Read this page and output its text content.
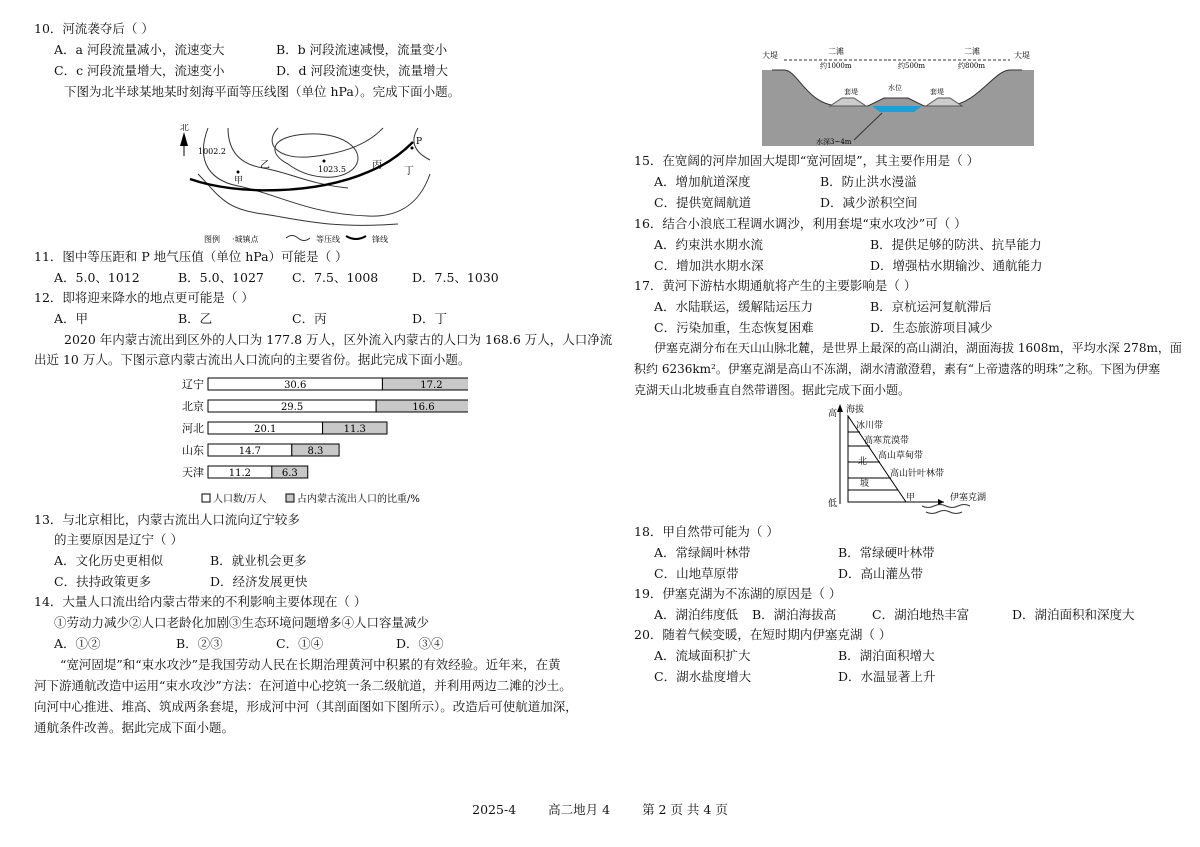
10．河流袭夺后（ ）
A．a 河段流量减小，流速变大	B．b 河段流速减慢，流量变小
C．c 河段流量增大，流速变小	D．d 河段流速变快，流量增大
下图为北半球某地某时刻海平面等压线图（单位 hPa）。完成下面小题。
北
1002.2
1023.5
甲
乙	丙
丁
P
图例 ·城镇点	等压线	锋线
11．图中等压距和 P 地气压值（单位 hPa）可能是（ ）
A．5.0、1012	B．5.0、1027 C．7.5、1008	D．7.5、1030
12．即将迎来降水的地点更可能是（ ）
A．甲	B．乙	C．丙	D．丁
2020 年内蒙古流出到区外的人口为 177.8 万人，区外流入内蒙古的人口为 168.6 万人，人口净流
出近 10 万人。下图示意内蒙古流出人口流向的主要省份。据此完成下面小题。
辽宁	30.6	17.2
北京	29.5	16.6
河北	20.1	11.3
山东	14.7	8.3
天津 11.2	6.3
人口数/万人	占内蒙古流出人口的比重/%
13．与北京相比，内蒙古流出人口流向辽宁较多
的主要原因是辽宁（ ）
A．文化历史更相似	B．就业机会更多
C．扶持政策更多	D．经济发展更快
14．大量人口流出给内蒙古带来的不利影响主要体现在（ ）
①劳动力减少②人口老龄化加剧③生态环境问题增多④人口容量减少
A．①②	B．②③	C．①④	D．③④
“宽河固堤”和“束水攻沙”是我国劳动人民在长期治理黄河中积累的有效经验。近年来，在黄
河下游通航改造中运用“束水攻沙”方法：在河道中心挖筑一条二级航道，并利用两边二滩的沙土。
向河中心推进、堆高、筑成两条套堤，形成河中河（其剖面图如下图所示）。改造后可使航道加深，
通航条件改善。据此完成下面小题。
大堤	大堤
二滩	二滩
约1000m	约500m	约800m
套堤	套堤
水位
水深3~4m
15．在宽阔的河岸加固大堤即“宽河固堤”，其主要作用是（ ）
A．增加航道深度	B．防止洪水漫溢
C．提供宽阔航道	D．减少淤积空间
16．结合小浪底工程调水调沙，利用套堤“束水攻沙”可（ ）
A．约束洪水期水流	B．提供足够的防洪、抗旱能力
C．增加洪水期水深	D．增强枯水期输沙、通航能力
17．黄河下游枯水期通航将产生的主要影响是（ ）
A．水陆联运，缓解陆运压力	B．京杭运河复航滞后
C．污染加重，生态恢复困难	D．生态旅游项目减少
伊塞克湖分布在天山山脉北麓，是世界上最深的高山湖泊，湖面海拔 1608m，平均水深 278m，面
积约 6236km²。伊塞克湖是高山不冻湖，湖水清澈澄碧，素有“上帝遗落的明珠”之称。下图为伊塞
克湖天山北坡垂直自然带谱图。据此完成下面小题。
高
低
海拔
冰川带
高寒荒漠带
高山草甸带
高山针叶林带
北
坡
甲	伊塞克湖
18．甲自然带可能为（ ）
A．常绿阔叶林带	B．常绿硬叶林带
C．山地草原带	D．高山灌丛带
19．伊塞克湖为不冻湖的原因是（ ）
A．湖泊纬度低 B．湖泊海拔高	C．湖泊地热丰富	D．湖泊面积和深度大
20．随着气候变暖，在短时期内伊塞克湖（ ）
A．流域面积扩大	B．湖泊面积增大
C．湖水盐度增大	D．水温显著上升
2025-4	高二地月 4	第 2 页 共 4 页
